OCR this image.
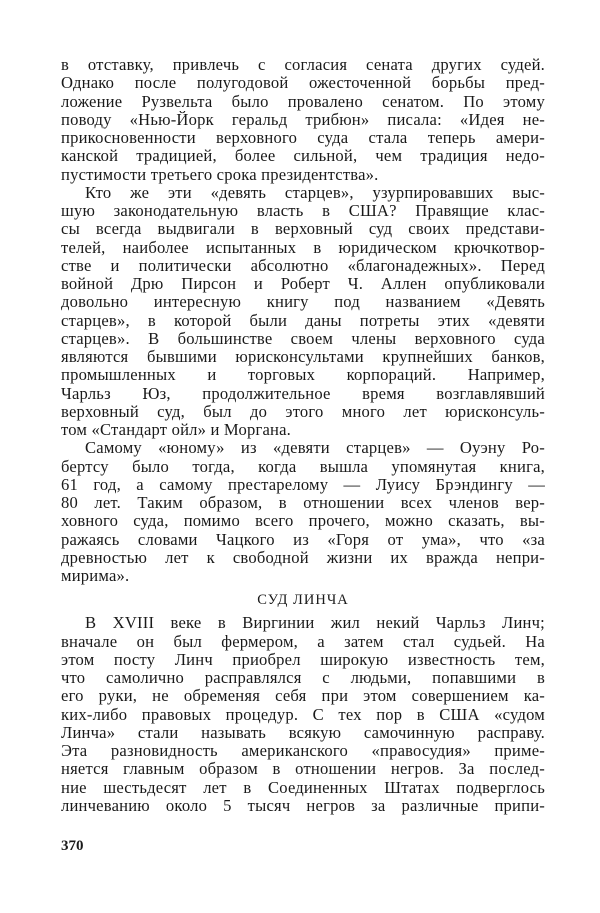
в отставку, привлечь с согласия сената других судей.
Однако после полугодовой ожесточенной борьбы пред-
ложение Рузвельта было провалено сенатом. По этому
поводу «Нью-Йорк геральд трибюн» писала: «Идея не-
прикосновенности верховного суда стала теперь амери-
канской традицией, более сильной, чем традиция недо-
пустимости третьего срока президентства».
Кто же эти «девять старцев», узурпировавших выс-
шую законодательную власть в США? Правящие клас-
сы всегда выдвигали в верховный суд своих представи-
телей, наиболее испытанных в юридическом крючкотвор-
стве и политически абсолютно «благонадежных». Перед
войной Дрю Пирсон и Роберт Ч. Аллен опубликовали
довольно интересную книгу под названием «Девять
старцев», в которой были даны потреты этих «девяти
старцев». В большинстве своем члены верховного суда
являются бывшими юрисконсультами крупнейших банков,
промышленных и торговых корпораций. Например,
Чарльз Юз, продолжительное время возглавлявший
верховный суд, был до этого много лет юрисконсуль-
том «Стандарт ойл» и Моргана.
Самому «юному» из «девяти старцев» — Оуэну Ро-
бертсу было тогда, когда вышла упомянутая книга,
61 год, а самому престарелому — Луису Брэндингу —
80 лет. Таким образом, в отношении всех членов вер-
ховного суда, помимо всего прочего, можно сказать, вы-
ражаясь словами Чацкого из «Горя от ума», что «за
древностью лет к свободной жизни их вражда непри-
мирима».
СУД ЛИНЧА
В XVIII веке в Виргинии жил некий Чарльз Линч;
вначале он был фермером, а затем стал судьей. На
этом посту Линч приобрел широкую известность тем,
что самолично расправлялся с людьми, попавшими в
его руки, не обременяя себя при этом совершением ка-
ких-либо правовых процедур. С тех пор в США «судом
Линча» стали называть всякую самочинную расправу.
Эта разновидность американского «правосудия» приме-
няется главным образом в отношении негров. За послед-
ние шестьдесят лет в Соединенных Штатах подверглось
линчеванию около 5 тысяч негров за различные припи-
370
